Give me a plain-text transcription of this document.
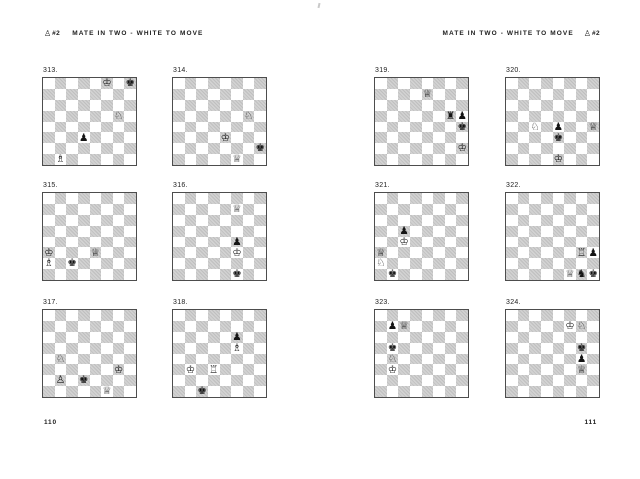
♙ #2 MATE IN TWO - WHITE TO MOVE	MATE IN TWO - WHITE TO MOVE ♙ #2
313.
♔ ♚
♘
♟
♗
314.
♘
♔
♚
♕
315.
♔	♕
♗ ♚
316.
♕
♟
♔
♚
317.
♘
♔
♙ ♚
♕
318.
♟
♗
♔ ♖
♚
319.
♕
♜ ♟
♚
♔
320.
♘ ♟ ♕
♚
♔
321.
♟
♔
♕
♘
♚
322.
♖ ♟
♕ ♞ ♚
323.
♟ ♕
♚
♘
♔
324.
♔ ♘
♚
♟
♕
110	111
